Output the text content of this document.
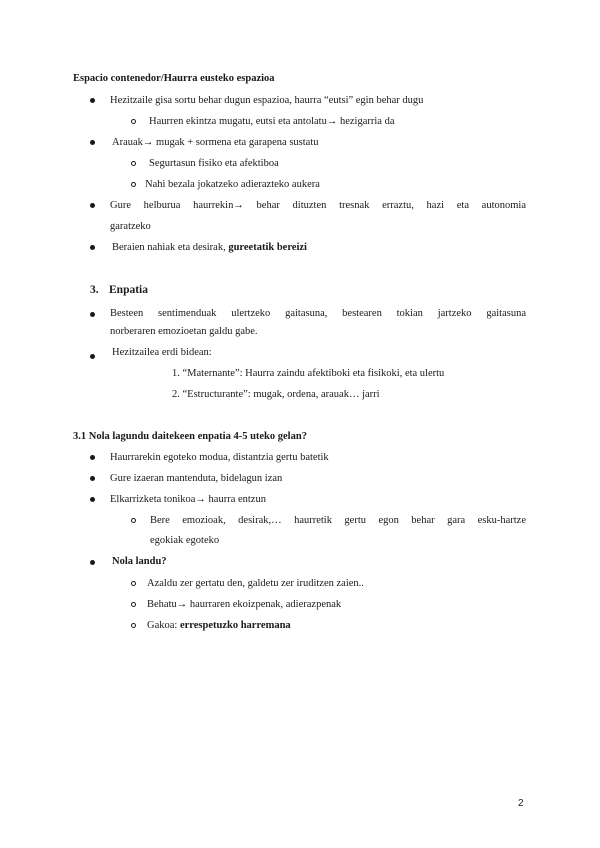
Espacio contenedor/Haurra eusteko espazioa
Hezitzaile gisa sortu behar dugun espazioa, haurra “eutsi” egin behar dugu
Haurren ekintza mugatu, eutsi eta antolatu→ hezigarria da
Arauak→ mugak + sormena eta garapena sustatu
Segurtasun fisiko eta afektiboa
Nahi bezala jokatzeko adierazteko aukera
Gure helburua haurrekin→ behar dituzten tresnak erraztu, hazi eta autonomia
garatzeko
Beraien nahiak eta desirak, gureetatik bereizi
3. Enpatia
Besteen sentimenduak ulertzeko gaitasuna, bestearen tokian jartzeko gaitasuna
norberaren emozioetan galdu gabe.
Hezitzailea erdi bidean:
1. “Maternante”: Haurra zaindu afektiboki eta fisikoki, eta ulertu
2. “Estructurante”: mugak, ordena, arauak… jarri
3.1 Nola lagundu daitekeen enpatia 4-5 uteko gelan?
Haurrarekin egoteko modua, distantzia gertu batetik
Gure izaeran mantenduta, bidelagun izan
Elkarrizketa tonikoa→ haurra entzun
Bere emozioak, desirak,… haurretik gertu egon behar gara esku-hartze
egokiak egoteko
Nola landu?
Azaldu zer gertatu den, galdetu zer iruditzen zaien..
Behatu→ haurraren ekoizpenak, adierazpenak
Gakoa: errespetuzko harremana
2
